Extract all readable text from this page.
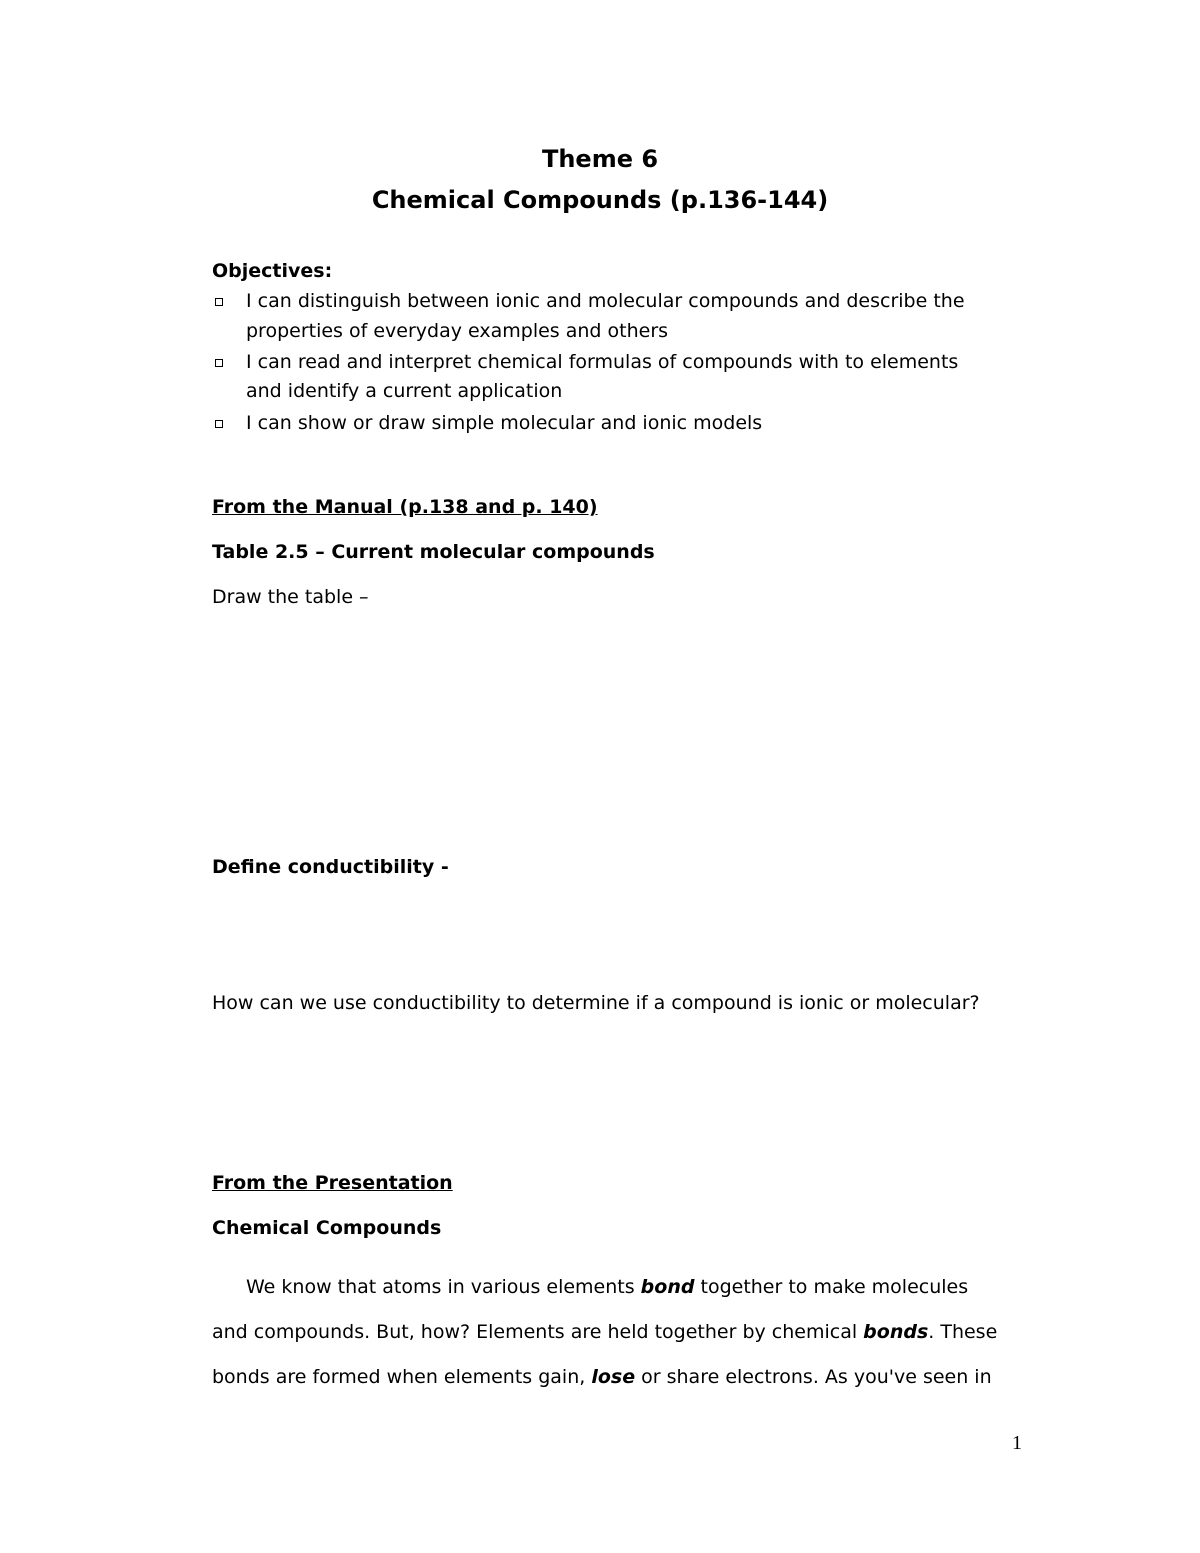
Theme 6
Chemical Compounds (p.136-144)
Objectives:
I can distinguish between ionic and molecular compounds and describe the
properties of everyday examples and others
I can read and interpret chemical formulas of compounds with to elements
and identify a current application
I can show or draw simple molecular and ionic models
From the Manual (p.138 and p. 140)
Table 2.5 – Current molecular compounds
Draw the table –
Define conductibility -
How can we use conductibility to determine if a compound is ionic or molecular?
From the Presentation
Chemical Compounds
We know that atoms in various elements bond together to make molecules
and compounds. But, how? Elements are held together by chemical bonds. These
bonds are formed when elements gain, lose or share electrons. As you've seen in
1
